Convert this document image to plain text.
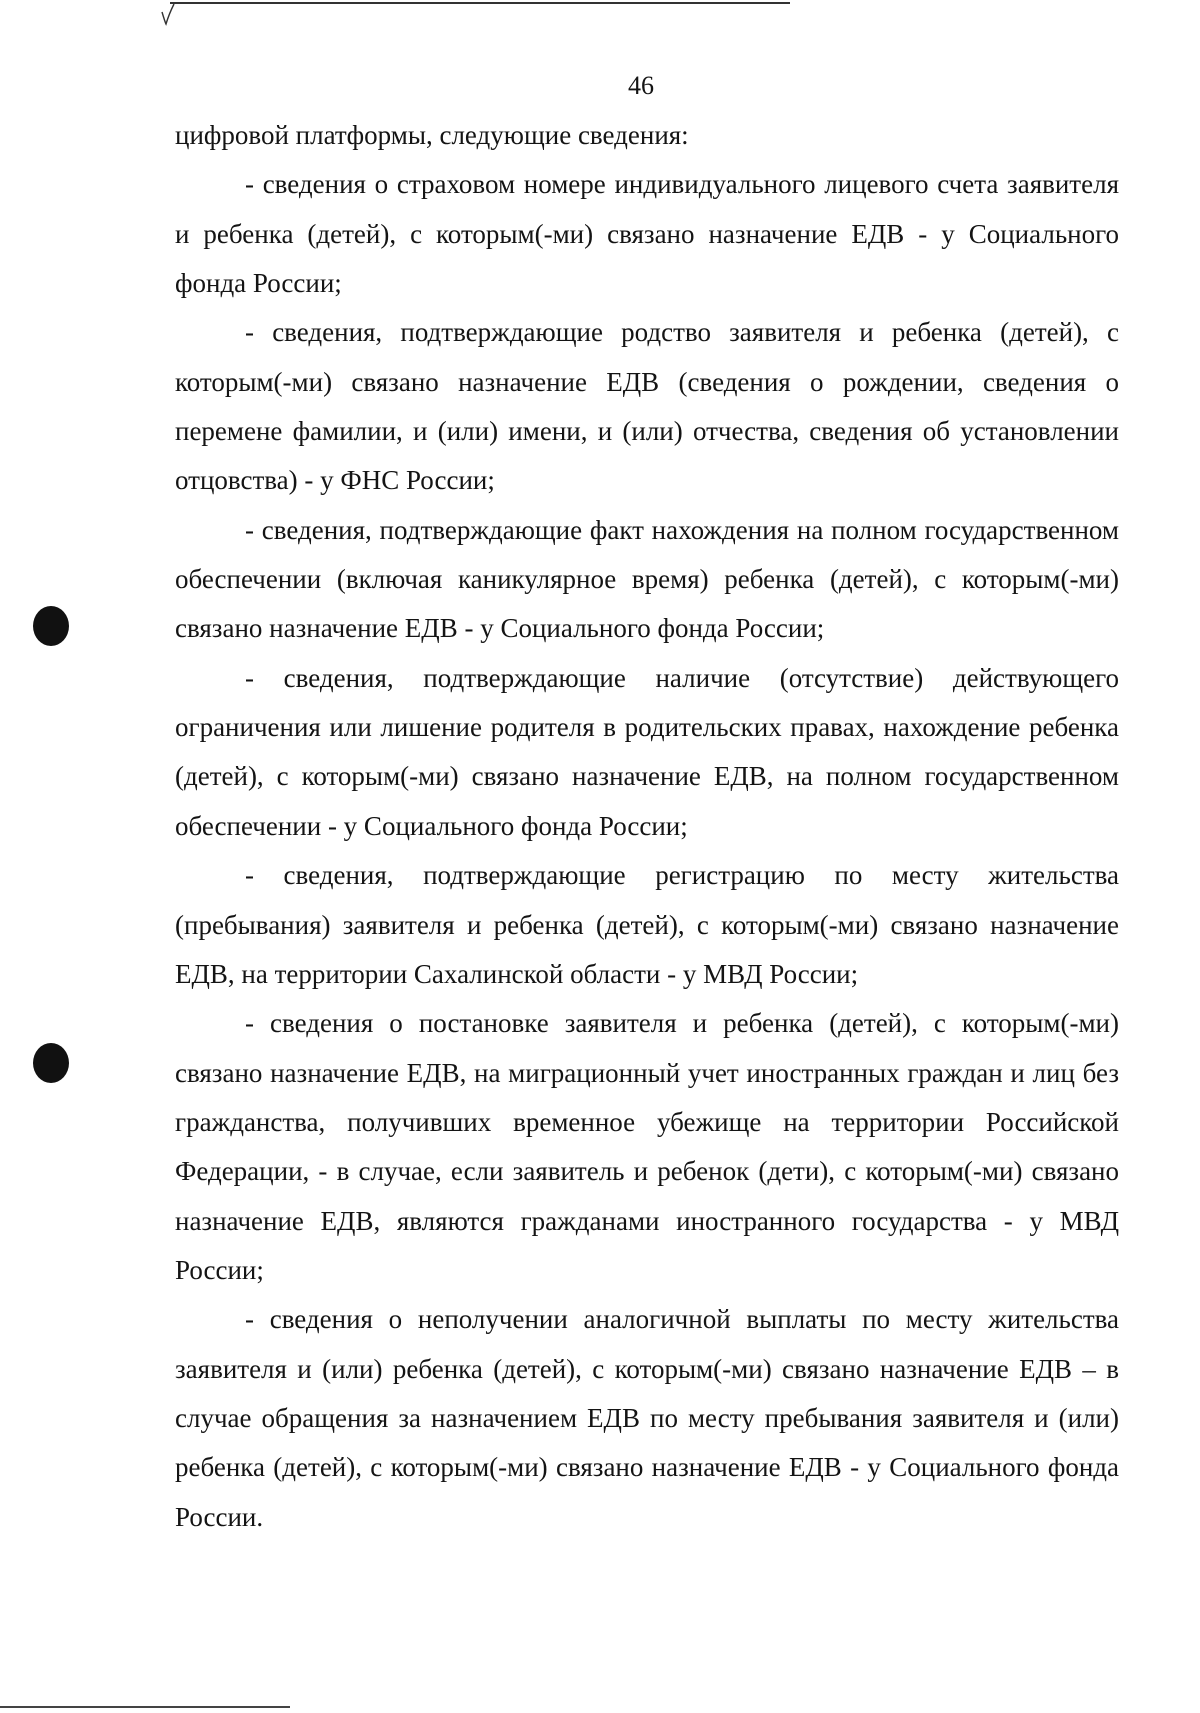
46

цифровой платформы, следующие сведения:

- сведения о страховом номере индивидуального лицевого счета заявителя и ребенка (детей), с которым(-ми) связано назначение ЕДВ - у Социального фонда России;

- сведения, подтверждающие родство заявителя и ребенка (детей), с которым(-ми) связано назначение ЕДВ (сведения о рождении, сведения о перемене фамилии, и (или) имени, и (или) отчества, сведения об установлении отцовства) - у ФНС России;

- сведения, подтверждающие факт нахождения на полном государственном обеспечении (включая каникулярное время) ребенка (детей), с которым(-ми) связано назначение ЕДВ - у Социального фонда России;

- сведения, подтверждающие наличие (отсутствие) действующего ограничения или лишение родителя в родительских правах, нахождение ребенка (детей), с которым(-ми) связано назначение ЕДВ, на полном государственном обеспечении - у Социального фонда России;

- сведения, подтверждающие регистрацию по месту жительства (пребывания) заявителя и ребенка (детей), с которым(-ми) связано назначение ЕДВ, на территории Сахалинской области - у МВД России;

- сведения о постановке заявителя и ребенка (детей), с которым(-ми) связано назначение ЕДВ, на миграционный учет иностранных граждан и лиц без гражданства, получивших временное убежище на территории Российской Федерации, - в случае, если заявитель и ребенок (дети), с которым(-ми) связано назначение ЕДВ, являются гражданами иностранного государства - у МВД России;

- сведения о неполучении аналогичной выплаты по месту жительства заявителя и (или) ребенка (детей), с которым(-ми) связано назначение ЕДВ – в случае обращения за назначением ЕДВ по месту пребывания заявителя и (или) ребенка (детей), с которым(-ми) связано назначение ЕДВ - у Социального фонда России.
